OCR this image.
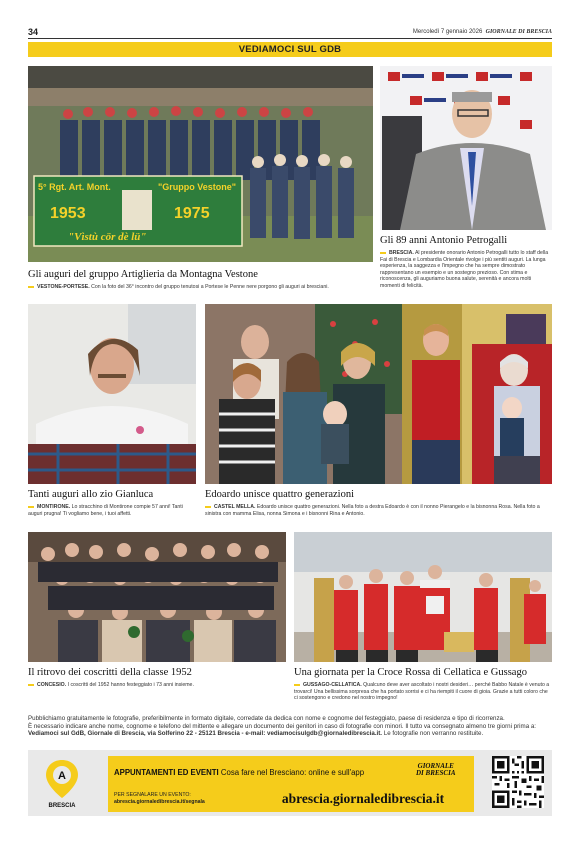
34	Mercoledì 7 gennaio 2026 GIORNALE DI BRESCIA
VEDIAMOCI SUL GDB
5° Rgt. Art. Mont.	"Gruppo Vestone"
1953	1975
"Vìstù cör dè lü"
Gli auguri del gruppo Artiglieria da Montagna Vestone
VESTONE-PORTESE. Con la foto del 36° incontro del gruppo tenutosi a Portese le Penne nere porgono gli auguri ai bresciani.
Gli 89 anni Antonio Petrogalli
BRESCIA. Al presidente onorario Antonio Petrogalli tutto lo staff della Fai di Brescia e Lombardia Orientale rivolge i più sentiti auguri. La lunga esperienza, la saggezza e l'impegno che ha sempre dimostrato rappresentano un esempio e un sostegno prezioso. Con stima e riconoscenza, gli auguriamo buona salute, serenità e ancora molti momenti di felicità.
Tanti auguri allo zio Gianluca
MONTIRONE. Lo stracchino di Montirone compie 57 anni! Tanti auguri prugna! Ti vogliamo bene, i tuoi affetti.
Edoardo unisce quattro generazioni
CASTEL MELLA. Edoardo unisce quattro generazioni. Nella foto a destra Edoardo è con il nonno Pierangelo e la bisnonna Rosa. Nella foto a sinistra con mamma Elisa, nonna Simona e i bisnonni Rina e Antonio.
Il ritrovo dei coscritti della classe 1952
CONCESIO. I coscritti del 1952 hanno festeggiato i 73 anni insieme.
Una giornata per la Croce Rossa di Cellatica e Gussago
GUSSAGO-CELLATICA. Qualcuno deve aver ascoltato i nostri desideri… perché Babbo Natale è venuto a trovarci! Una bellissima sorpresa che ha portato sorrisi e ci ha riempiti il cuore di gioia. Grazie a tutti coloro che ci sostengono e credono nel nostro impegno!
Pubblichiamo gratuitamente le fotografie, preferibilmente in formato digitale, corredate da dedica con nome e cognome del festeggiato, paese di residenza e tipo di ricorrenza.
È necessario indicare anche nome, cognome e telefono del mittente e allegare un documento dei genitori in caso di fotografie con minori. Il tutto va consegnato almeno tre giorni prima a:
Vediamoci sul GdB, Giornale di Brescia, via Solferino 22 - 25121 Brescia - e-mail: vediamocisulgdb@giornaledibrescia.it. Le fotografie non verranno restituite.
A
BRESCIA
APPUNTAMENTI ED EVENTI Cosa fare nel Bresciano: online e sull'app
GIORNALE
DI BRESCIA
PER SEGNALARE UN EVENTO:
abrescia.giornaledibrescia.it/segnala	abrescia.giornaledibrescia.it
